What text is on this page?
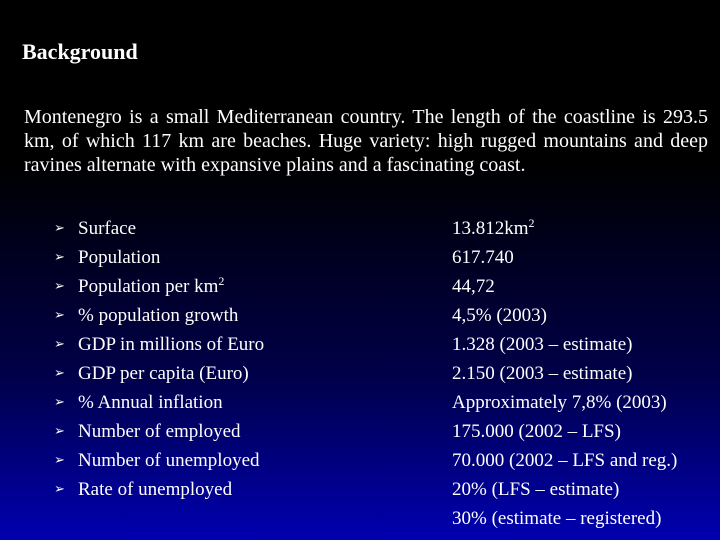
Background
Montenegro is a small Mediterranean country. The length of the coastline is 293.5 km, of which 117 km are beaches. Huge variety: high rugged mountains and deep ravines alternate with expansive plains and a fascinating coast.
➢ Surface	$13.812km^2$
➢ Population	617.740
➢ Population per $km^2$	44,72
➢ % population growth	4,5% (2003)
➢ GDP in millions of Euro	1.328 (2003 – estimate)
➢ GDP per capita (Euro)	2.150 (2003 – estimate)
➢ % Annual inflation	Approximately 7,8% (2003)
➢ Number of employed	175.000 (2002 – LFS)
➢ Number of unemployed	70.000 (2002 – LFS and reg.)
➢ Rate of unemployed	20% (LFS – estimate)
30% (estimate – registered)
